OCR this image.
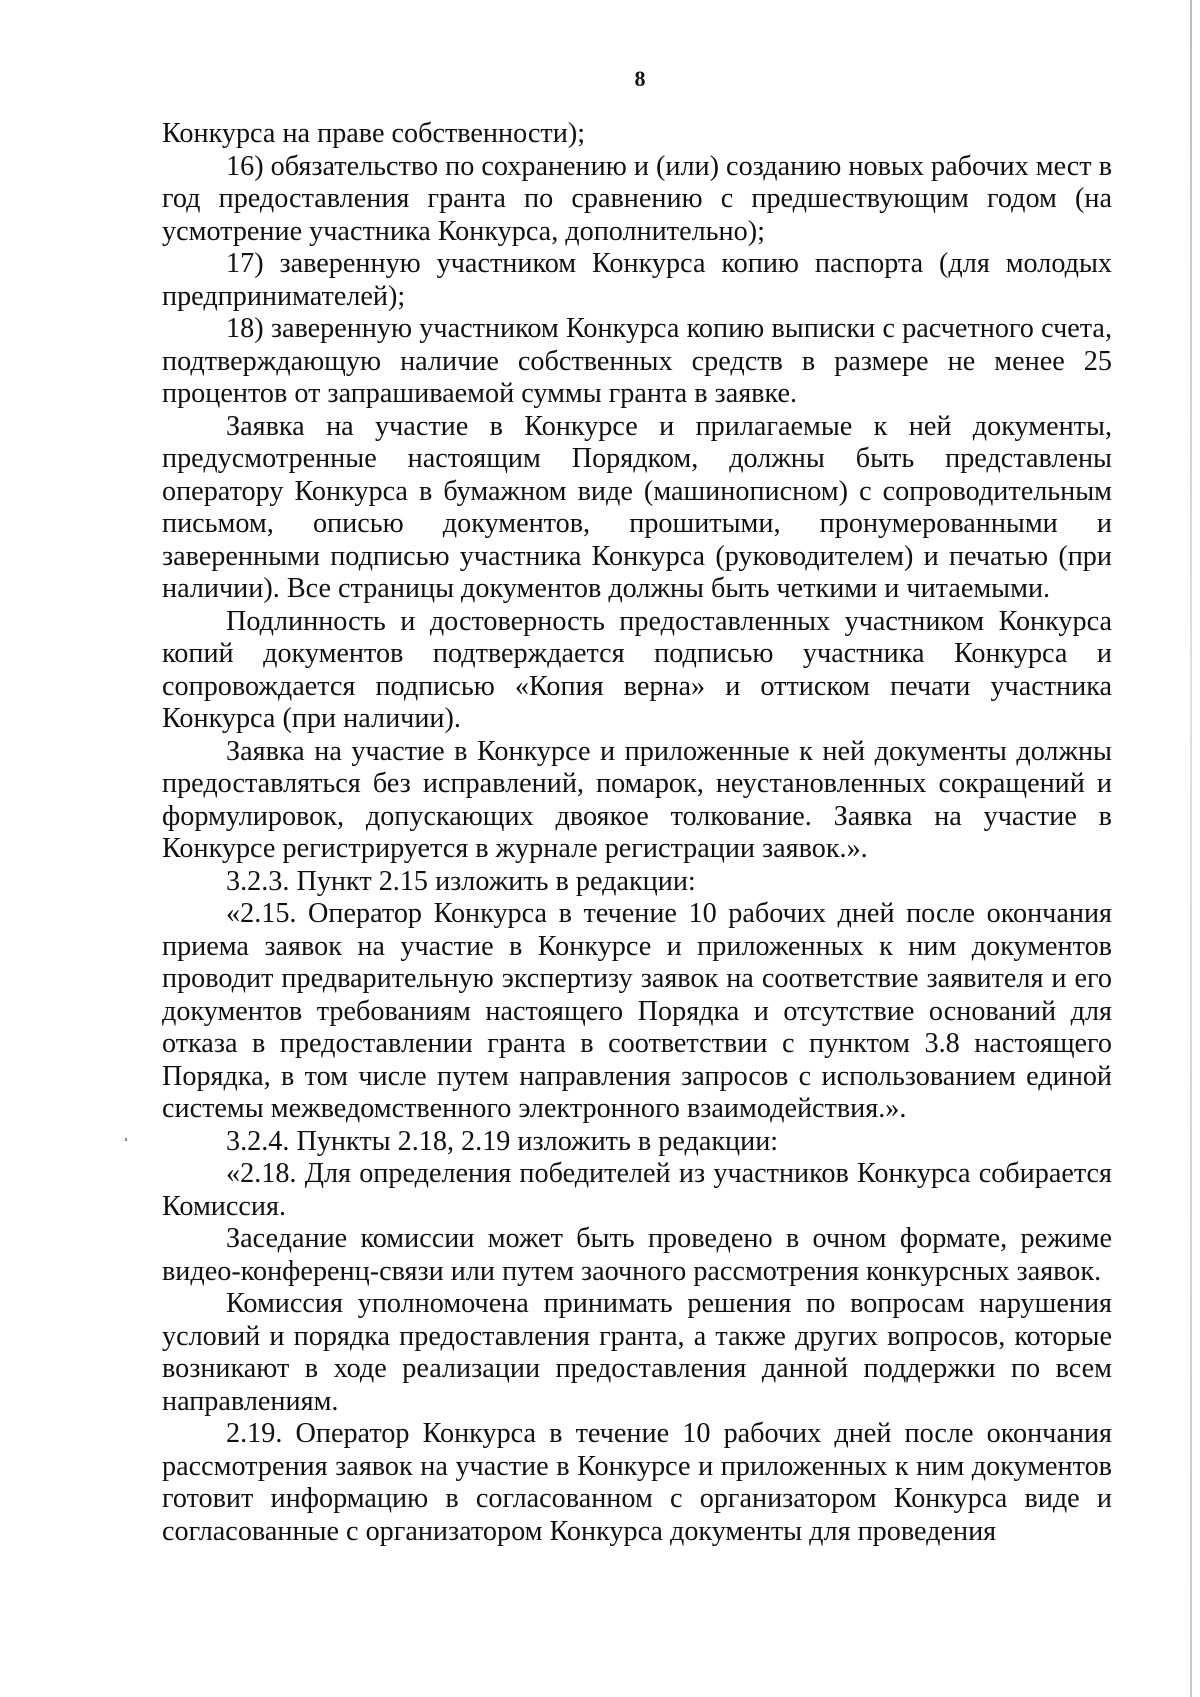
8

Конкурса на праве собственности);

16) обязательство по сохранению и (или) созданию новых рабочих мест в год предоставления гранта по сравнению с предшествующим годом (на усмотрение участника Конкурса, дополнительно);

17) заверенную участником Конкурса копию паспорта (для молодых предпринимателей);

18) заверенную участником Конкурса копию выписки с расчетного счета, подтверждающую наличие собственных средств в размере не менее 25 процентов от запрашиваемой суммы гранта в заявке.

Заявка на участие в Конкурсе и прилагаемые к ней документы, предусмотренные настоящим Порядком, должны быть представлены оператору Конкурса в бумажном виде (машинописном) с сопроводительным письмом, описью документов, прошитыми, пронумерованными и заверенными подписью участника Конкурса (руководителем) и печатью (при наличии). Все страницы документов должны быть четкими и читаемыми.

Подлинность и достоверность предоставленных участником Конкурса копий документов подтверждается подписью участника Конкурса и сопровождается подписью «Копия верна» и оттиском печати участника Конкурса (при наличии).

Заявка на участие в Конкурсе и приложенные к ней документы должны предоставляться без исправлений, помарок, неустановленных сокращений и формулировок, допускающих двоякое толкование. Заявка на участие в Конкурсе регистрируется в журнале регистрации заявок.».

3.2.3. Пункт 2.15 изложить в редакции:

«2.15. Оператор Конкурса в течение 10 рабочих дней после окончания приема заявок на участие в Конкурсе и приложенных к ним документов проводит предварительную экспертизу заявок на соответствие заявителя и его документов требованиям настоящего Порядка и отсутствие оснований для отказа в предоставлении гранта в соответствии с пунктом 3.8 настоящего Порядка, в том числе путем направления запросов с использованием единой системы межведомственного электронного взаимодействия.».

3.2.4. Пункты 2.18, 2.19 изложить в редакции:

«2.18. Для определения победителей из участников Конкурса собирается Комиссия.

Заседание комиссии может быть проведено в очном формате, режиме видео-конференц-связи или путем заочного рассмотрения конкурсных заявок.

Комиссия уполномочена принимать решения по вопросам нарушения условий и порядка предоставления гранта, а также других вопросов, которые возникают в ходе реализации предоставления данной поддержки по всем направлениям.

2.19. Оператор Конкурса в течение 10 рабочих дней после окончания рассмотрения заявок на участие в Конкурсе и приложенных к ним документов готовит информацию в согласованном с организатором Конкурса виде и согласованные с организатором Конкурса документы для проведения
